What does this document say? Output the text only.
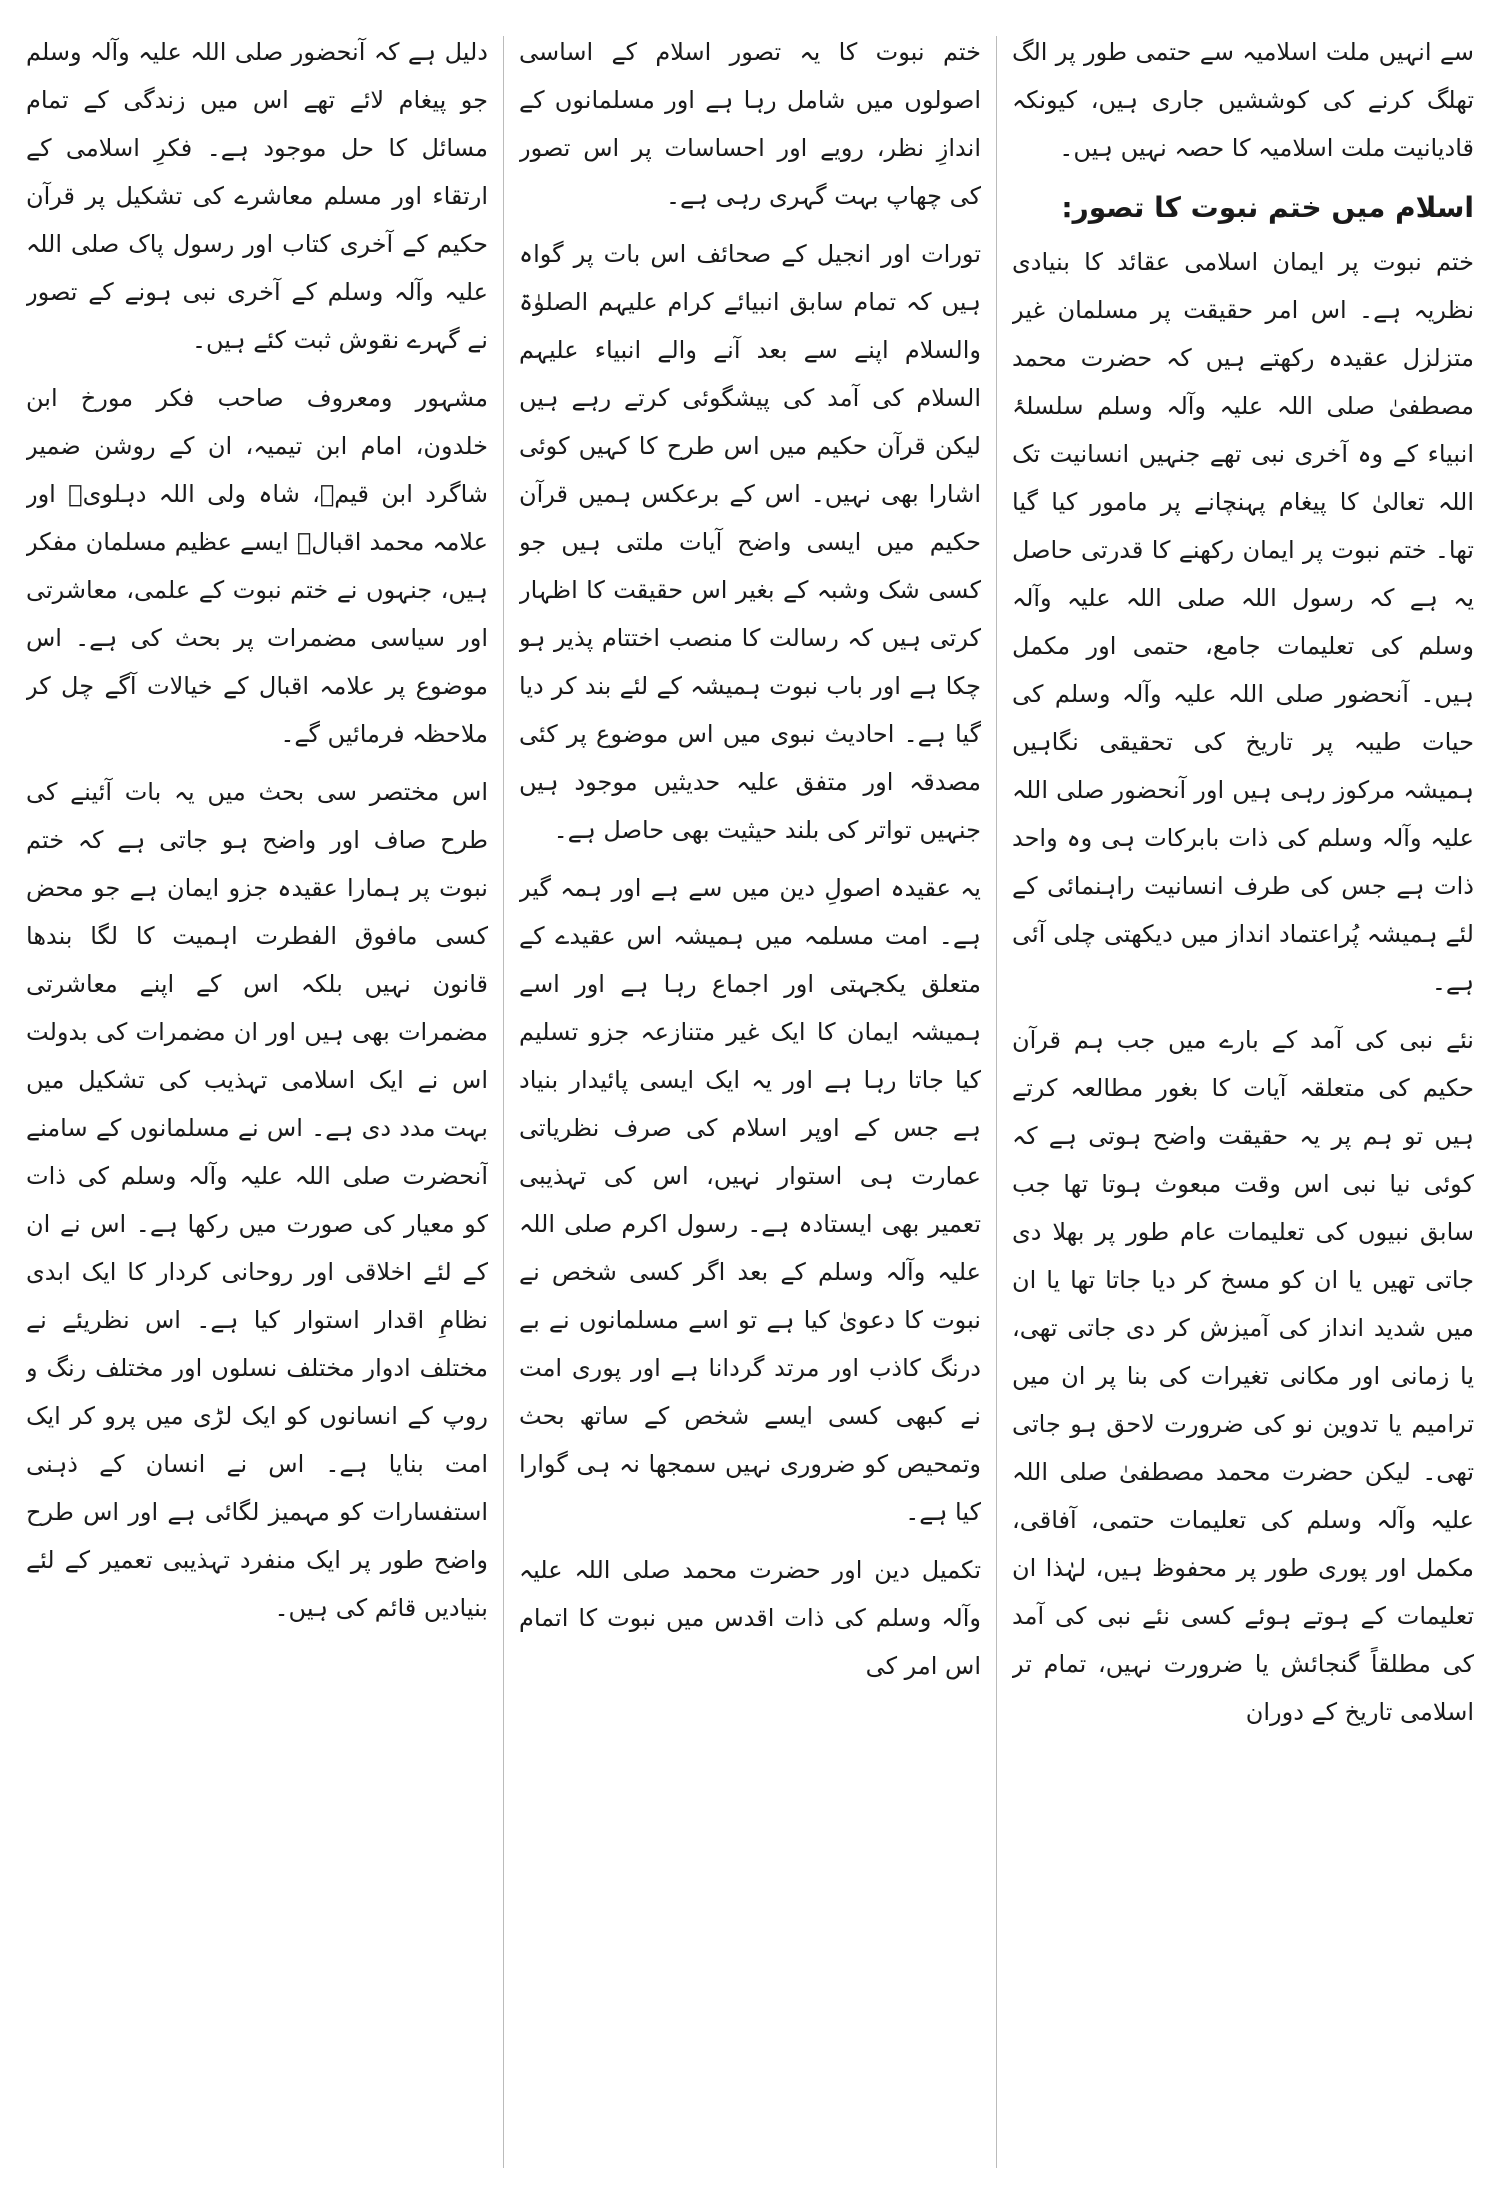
سے انہیں ملت اسلامیہ سے حتمی طور پر الگ تھلگ کرنے کی کوششیں جاری ہیں، کیونکہ قادیانیت ملت اسلامیہ کا حصہ نہیں ہیں۔

اسلام میں ختم نبوت کا تصور:

ختم نبوت پر ایمان اسلامی عقائد کا بنیادی نظریہ ہے۔ اس امر حقیقت پر مسلمان غیر متزلزل عقیدہ رکھتے ہیں کہ حضرت محمد مصطفیٰ صلی اللہ علیہ وآلہ وسلم سلسلۂ انبیاء کے وہ آخری نبی تھے جنہیں انسانیت تک اللہ تعالیٰ کا پیغام پہنچانے پر مامور کیا گیا تھا۔ ختم نبوت پر ایمان رکھنے کا قدرتی حاصل یہ ہے کہ رسول اللہ صلی اللہ علیہ وآلہ وسلم کی تعلیمات جامع، حتمی اور مکمل ہیں۔ آنحضور صلی اللہ علیہ وآلہ وسلم کی حیات طیبہ پر تاریخ کی تحقیقی نگاہیں ہمیشہ مرکوز رہی ہیں اور آنحضور صلی اللہ علیہ وآلہ وسلم کی ذات بابرکات ہی وہ واحد ذات ہے جس کی طرف انسانیت راہنمائی کے لئے ہمیشہ پُراعتماد انداز میں دیکھتی چلی آئی ہے۔

نئے نبی کی آمد کے بارے میں جب ہم قرآن حکیم کی متعلقہ آیات کا بغور مطالعہ کرتے ہیں تو ہم پر یہ حقیقت واضح ہوتی ہے کہ کوئی نیا نبی اس وقت مبعوث ہوتا تھا جب سابق نبیوں کی تعلیمات عام طور پر بھلا دی جاتی تھیں یا ان کو مسخ کر دیا جاتا تھا یا ان میں شدید انداز کی آمیزش کر دی جاتی تھی، یا زمانی اور مکانی تغیرات کی بنا پر ان میں ترامیم یا تدوین نو کی ضرورت لاحق ہو جاتی تھی۔ لیکن حضرت محمد مصطفیٰ صلی اللہ علیہ وآلہ وسلم کی تعلیمات حتمی، آفاقی، مکمل اور پوری طور پر محفوظ ہیں، لہٰذا ان تعلیمات کے ہوتے ہوئے کسی نئے نبی کی آمد کی مطلقاً گنجائش یا ضرورت نہیں، تمام تر اسلامی تاریخ کے دوران

ختم نبوت کا یہ تصور اسلام کے اساسی اصولوں میں شامل رہا ہے اور مسلمانوں کے اندازِ نظر، رویے اور احساسات پر اس تصور کی چھاپ بہت گہری رہی ہے۔

تورات اور انجیل کے صحائف اس بات پر گواہ ہیں کہ تمام سابق انبیائے کرام علیہم الصلوٰۃ والسلام اپنے سے بعد آنے والے انبیاء علیہم السلام کی آمد کی پیشگوئی کرتے رہے ہیں لیکن قرآن حکیم میں اس طرح کا کہیں کوئی اشارا بھی نہیں۔ اس کے برعکس ہمیں قرآن حکیم میں ایسی واضح آیات ملتی ہیں جو کسی شک وشبہ کے بغیر اس حقیقت کا اظہار کرتی ہیں کہ رسالت کا منصب اختتام پذیر ہو چکا ہے اور باب نبوت ہمیشہ کے لئے بند کر دیا گیا ہے۔ احادیث نبوی میں اس موضوع پر کئی مصدقہ اور متفق علیہ حدیثیں موجود ہیں جنہیں تواتر کی بلند حیثیت بھی حاصل ہے۔

یہ عقیدہ اصولِ دین میں سے ہے اور ہمہ گیر ہے۔ امت مسلمہ میں ہمیشہ اس عقیدے کے متعلق یکجہتی اور اجماع رہا ہے اور اسے ہمیشہ ایمان کا ایک غیر متنازعہ جزو تسلیم کیا جاتا رہا ہے اور یہ ایک ایسی پائیدار بنیاد ہے جس کے اوپر اسلام کی صرف نظریاتی عمارت ہی استوار نہیں، اس کی تہذیبی تعمیر بھی ایستادہ ہے۔ رسول اکرم صلی اللہ علیہ وآلہ وسلم کے بعد اگر کسی شخص نے نبوت کا دعویٰ کیا ہے تو اسے مسلمانوں نے بے درنگ کاذب اور مرتد گردانا ہے اور پوری امت نے کبھی کسی ایسے شخص کے ساتھ بحث وتمحیص کو ضروری نہیں سمجھا نہ ہی گوارا کیا ہے۔

تکمیل دین اور حضرت محمد صلی اللہ علیہ وآلہ وسلم کی ذات اقدس میں نبوت کا اتمام اس امر کی

دلیل ہے کہ آنحضور صلی اللہ علیہ وآلہ وسلم جو پیغام لائے تھے اس میں زندگی کے تمام مسائل کا حل موجود ہے۔ فکرِ اسلامی کے ارتقاء اور مسلم معاشرے کی تشکیل پر قرآن حکیم کے آخری کتاب اور رسول پاک صلی اللہ علیہ وآلہ وسلم کے آخری نبی ہونے کے تصور نے گہرے نقوش ثبت کئے ہیں۔

مشہور ومعروف صاحب فکر مورخ ابن خلدون، امام ابن تیمیہ، ان کے روشن ضمیر شاگرد ابن قیمؒ، شاہ ولی اللہ دہلویؒ اور علامہ محمد اقبالؒ ایسے عظیم مسلمان مفکر ہیں، جنہوں نے ختم نبوت کے علمی، معاشرتی اور سیاسی مضمرات پر بحث کی ہے۔ اس موضوع پر علامہ اقبال کے خیالات آگے چل کر ملاحظہ فرمائیں گے۔

اس مختصر سی بحث میں یہ بات آئینے کی طرح صاف اور واضح ہو جاتی ہے کہ ختم نبوت پر ہمارا عقیدہ جزو ایمان ہے جو محض کسی مافوق الفطرت اہمیت کا لگا بندھا قانون نہیں بلکہ اس کے اپنے معاشرتی مضمرات بھی ہیں اور ان مضمرات کی بدولت اس نے ایک اسلامی تہذیب کی تشکیل میں بہت مدد دی ہے۔ اس نے مسلمانوں کے سامنے آنحضرت صلی اللہ علیہ وآلہ وسلم کی ذات کو معیار کی صورت میں رکھا ہے۔ اس نے ان کے لئے اخلاقی اور روحانی کردار کا ایک ابدی نظامِ اقدار استوار کیا ہے۔ اس نظریئے نے مختلف ادوار مختلف نسلوں اور مختلف رنگ و روپ کے انسانوں کو ایک لڑی میں پرو کر ایک امت بنایا ہے۔ اس نے انسان کے ذہنی استفسارات کو مہمیز لگائی ہے اور اس طرح واضح طور پر ایک منفرد تہذیبی تعمیر کے لئے بنیادیں قائم کی ہیں۔
